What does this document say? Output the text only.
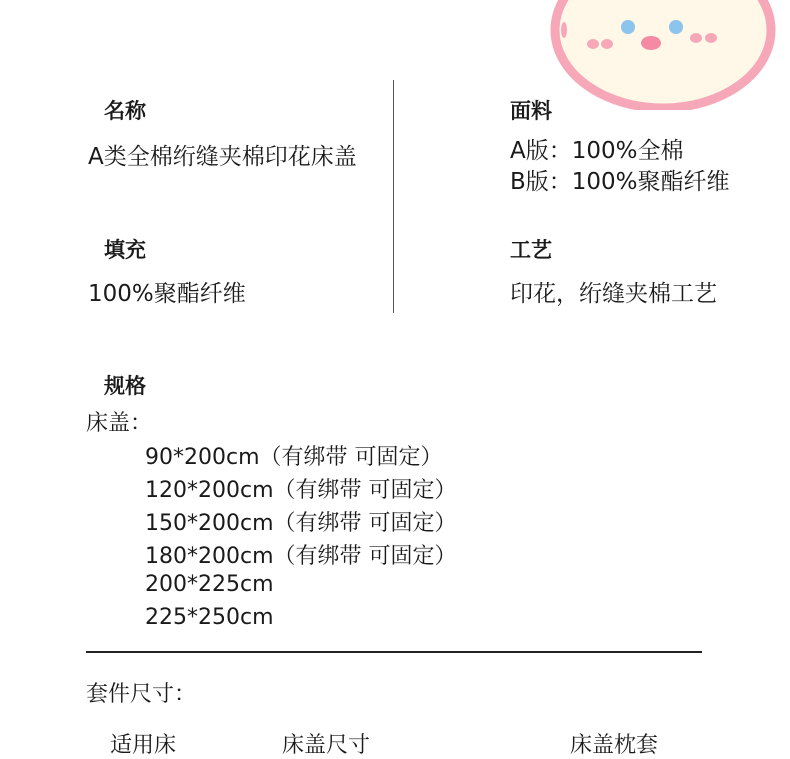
名称
A类全棉绗缝夹棉印花床盖
面料
A版：100%全棉
B版：100%聚酯纤维
填充
100%聚酯纤维
工艺
印花，绗缝夹棉工艺
规格
床盖：
90*200cm（有绑带 可固定）
120*200cm（有绑带 可固定）
150*200cm（有绑带 可固定）
180*200cm（有绑带 可固定）
200*225cm
225*250cm
套件尺寸：
适用床	床盖尺寸	床盖枕套
